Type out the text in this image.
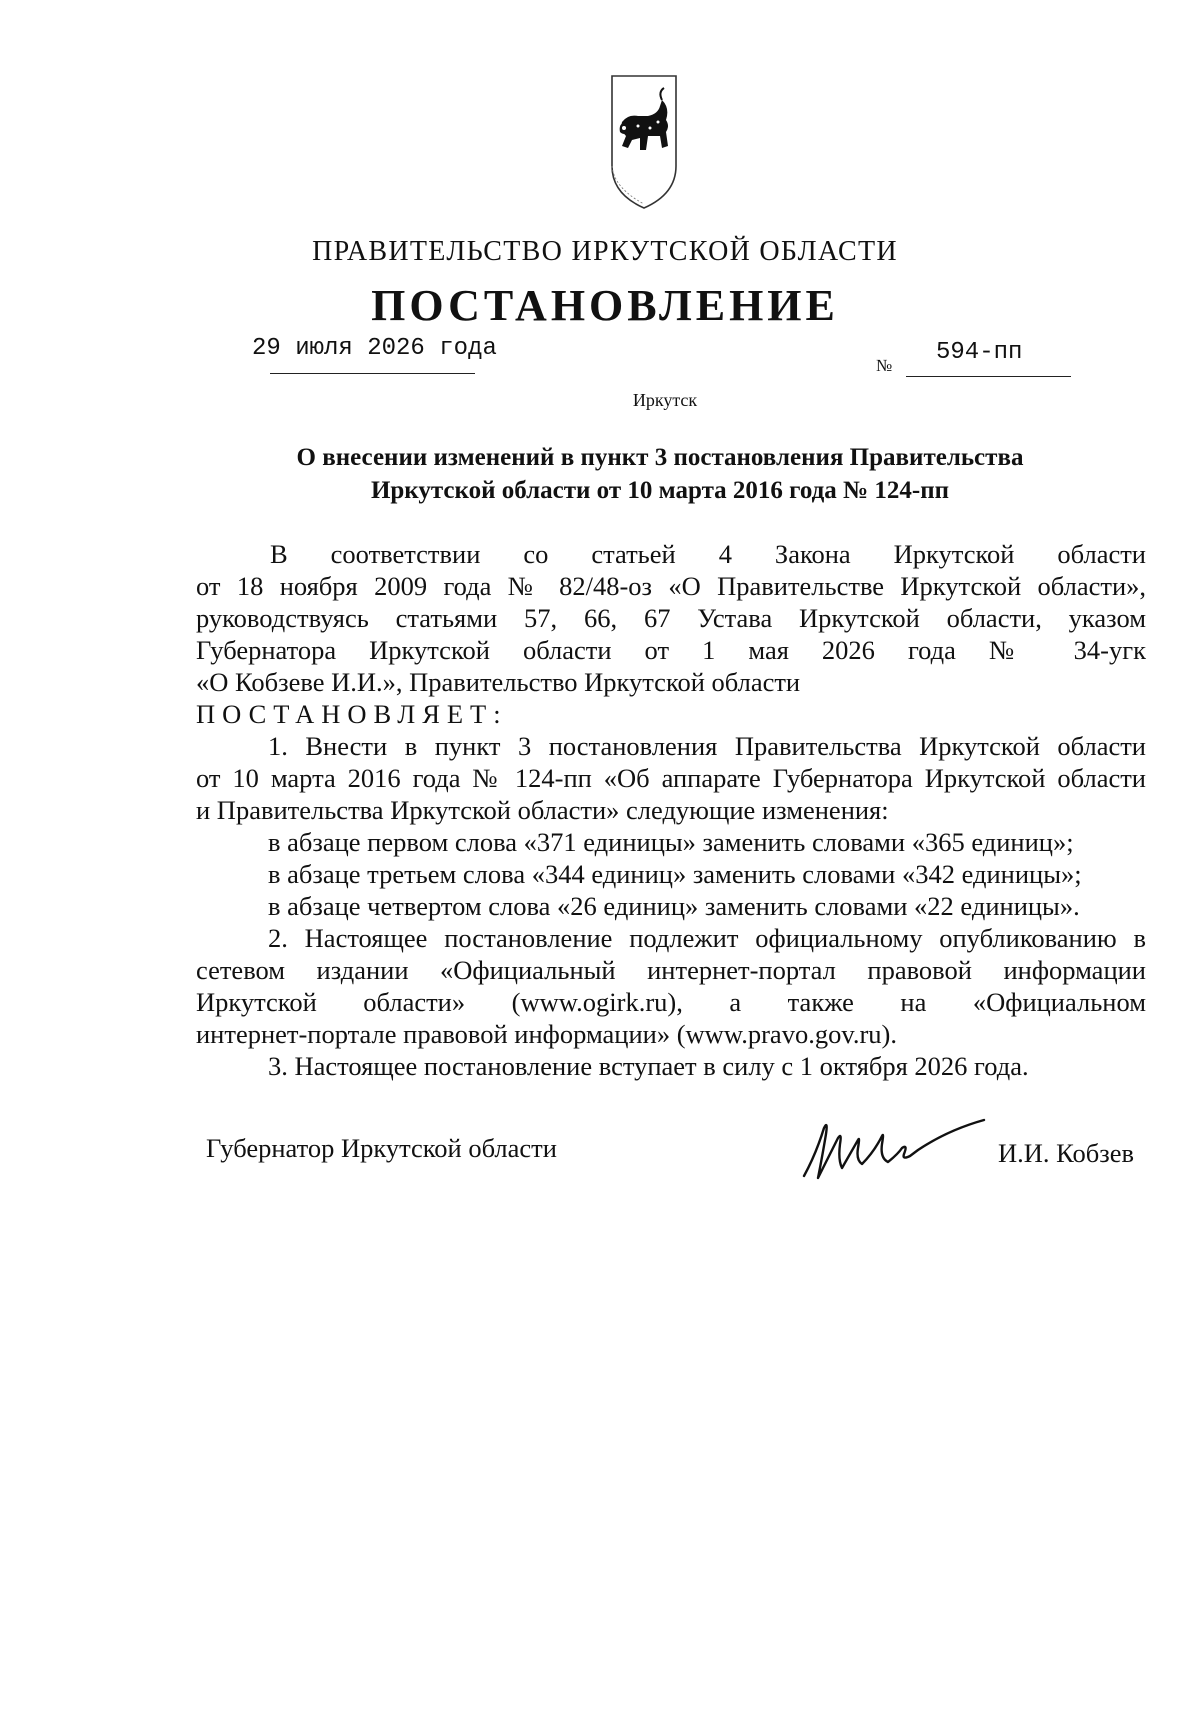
ПРАВИТЕЛЬСТВО ИРКУТСКОЙ ОБЛАСТИ
ПОСТАНОВЛЕНИЕ
29 июля 2026 года
№ 594-пп
Иркутск
О внесении изменений в пункт 3 постановления Правительства
Иркутской области от 10 марта 2016 года № 124-пп

В соответствии со статьей 4 Закона Иркутской области

от 18 ноября 2009 года № 82/48-оз «О Правительстве Иркутской области»,

руководствуясь статьями 57, 66, 67 Устава Иркутской области, указом

Губернатора Иркутской области от 1 мая 2026 года № 34-угк

«О Кобзеве И.И.», Правительство Иркутской области

ПОСТАНОВЛЯЕТ:

1. Внести в пункт 3 постановления Правительства Иркутской области

от 10 марта 2016 года № 124-пп «Об аппарате Губернатора Иркутской области

и Правительства Иркутской области» следующие изменения:

в абзаце первом слова «371 единицы» заменить словами «365 единиц»;

в абзаце третьем слова «344 единиц» заменить словами «342 единицы»;

в абзаце четвертом слова «26 единиц» заменить словами «22 единицы».

2. Настоящее постановление подлежит официальному опубликованию в

сетевом издании «Официальный интернет-портал правовой информации

Иркутской области» (www.ogirk.ru), а также на «Официальном

интернет-портале правовой информации» (www.pravo.gov.ru).

3. Настоящее постановление вступает в силу с 1 октября 2026 года.

Губернатор Иркутской области	И.И. Кобзев
